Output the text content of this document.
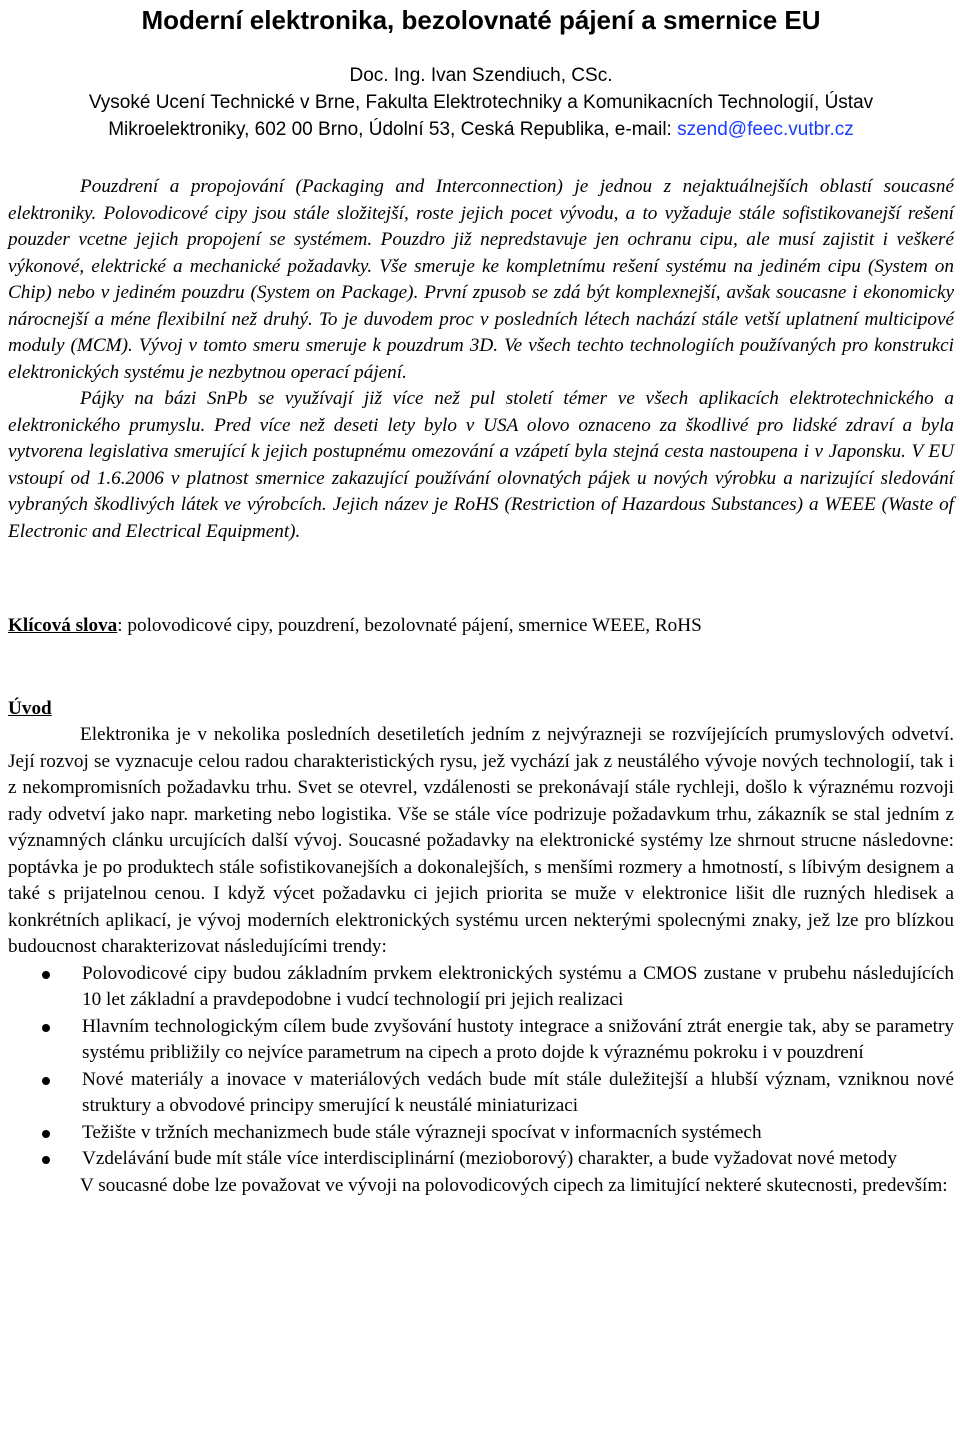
Moderní elektronika, bezolovnaté pájení a smernice EU
Doc. Ing. Ivan Szendiuch, CSc.
Vysoké Ucení Technické v Brne, Fakulta Elektrotechniky a Komunikacních Technologií, Ústav
Mikroelektroniky, 602 00 Brno, Údolní 53, Ceská Republika, e-mail: szend@feec.vutbr.cz

Pouzdrení a propojování (Packaging and Interconnection) je jednou z nejaktuálnejších oblastí soucasné elektroniky. Polovodicové cipy jsou stále složitejší, roste jejich pocet vývodu, a to vyžaduje stále sofistikovanejší rešení pouzder vcetne jejich propojení se systémem. Pouzdro již nepredstavuje jen ochranu cipu, ale musí zajistit i veškeré výkonové, elektrické a mechanické požadavky. Vše smeruje ke kompletnímu rešení systému na jediném cipu (System on Chip) nebo v jediném pouzdru (System on Package). První zpusob se zdá být komplexnejší, avšak soucasne i ekonomicky nárocnejší a méne flexibilní než druhý. To je duvodem proc v posledních létech nachází stále vetší uplatnení multicipové moduly (MCM). Vývoj v tomto smeru smeruje k pouzdrum 3D. Ve všech techto technologiích používaných pro konstrukci elektronických systému je nezbytnou operací pájení.

Pájky na bázi SnPb se využívají již více než pul století témer ve všech aplikacích elektrotechnického a elektronického prumyslu. Pred více než deseti lety bylo v USA olovo oznaceno za škodlivé pro lidské zdraví a byla vytvorena legislativa smerující k jejich postupnému omezování a vzápetí byla stejná cesta nastoupena i v Japonsku. V EU vstoupí od 1.6.2006 v platnost smernice zakazující používání olovnatých pájek u nových výrobku a narizující sledování vybraných škodlivých látek ve výrobcích. Jejich název je RoHS (Restriction of Hazardous Substances) a WEEE (Waste of Electronic and Electrical Equipment).

Klícová slova: polovodicové cipy, pouzdrení, bezolovnaté pájení, smernice WEEE, RoHS
Úvod

Elektronika je v nekolika posledních desetiletích jedním z nejvýrazneji se rozvíjejících prumyslových odvetví. Její rozvoj se vyznacuje celou radou charakteristických rysu, jež vychází jak z neustálého vývoje nových technologií, tak i z nekompromisních požadavku trhu. Svet se otevrel, vzdálenosti se prekonávají stále rychleji, došlo k výraznému rozvoji rady odvetví jako napr. marketing nebo logistika. Vše se stále více podrizuje požadavkum trhu, zákazník se stal jedním z významných clánku urcujících další vývoj. Soucasné požadavky na elektronické systémy lze shrnout strucne následovne: poptávka je po produktech stále sofistikovanejších a dokonalejších, s menšími rozmery a hmotností, s líbivým designem a také s prijatelnou cenou. I když výcet požadavku ci jejich priorita se muže v elektronice lišit dle ruzných hledisek a konkrétních aplikací, je vývoj moderních elektronických systému urcen nekterými spolecnými znaky, jež lze pro blízkou budoucnost charakterizovat následujícími trendy:

Polovodicové cipy budou základním prvkem elektronických systému a CMOS zustane v prubehu následujících 10 let základní a pravdepodobne i vudcí technologií pri jejich realizaci
Hlavním technologickým cílem bude zvyšování hustoty integrace a snižování ztrát energie tak, aby se parametry systému približily co nejvíce parametrum na cipech a proto dojde k výraznému pokroku i v pouzdrení
Nové materiály a inovace v materiálových vedách bude mít stále duležitejší a hlubší význam, vzniknou nové struktury a obvodové principy smerující k neustálé miniaturizaci
Težište v tržních mechanizmech bude stále výrazneji spocívat v informacních systémech
Vzdelávání bude mít stále více interdisciplinární (mezioborový) charakter, a bude vyžadovat nové metody

V soucasné dobe lze považovat ve vývoji na polovodicových cipech za limitující nekteré skutecnosti, predevším:
